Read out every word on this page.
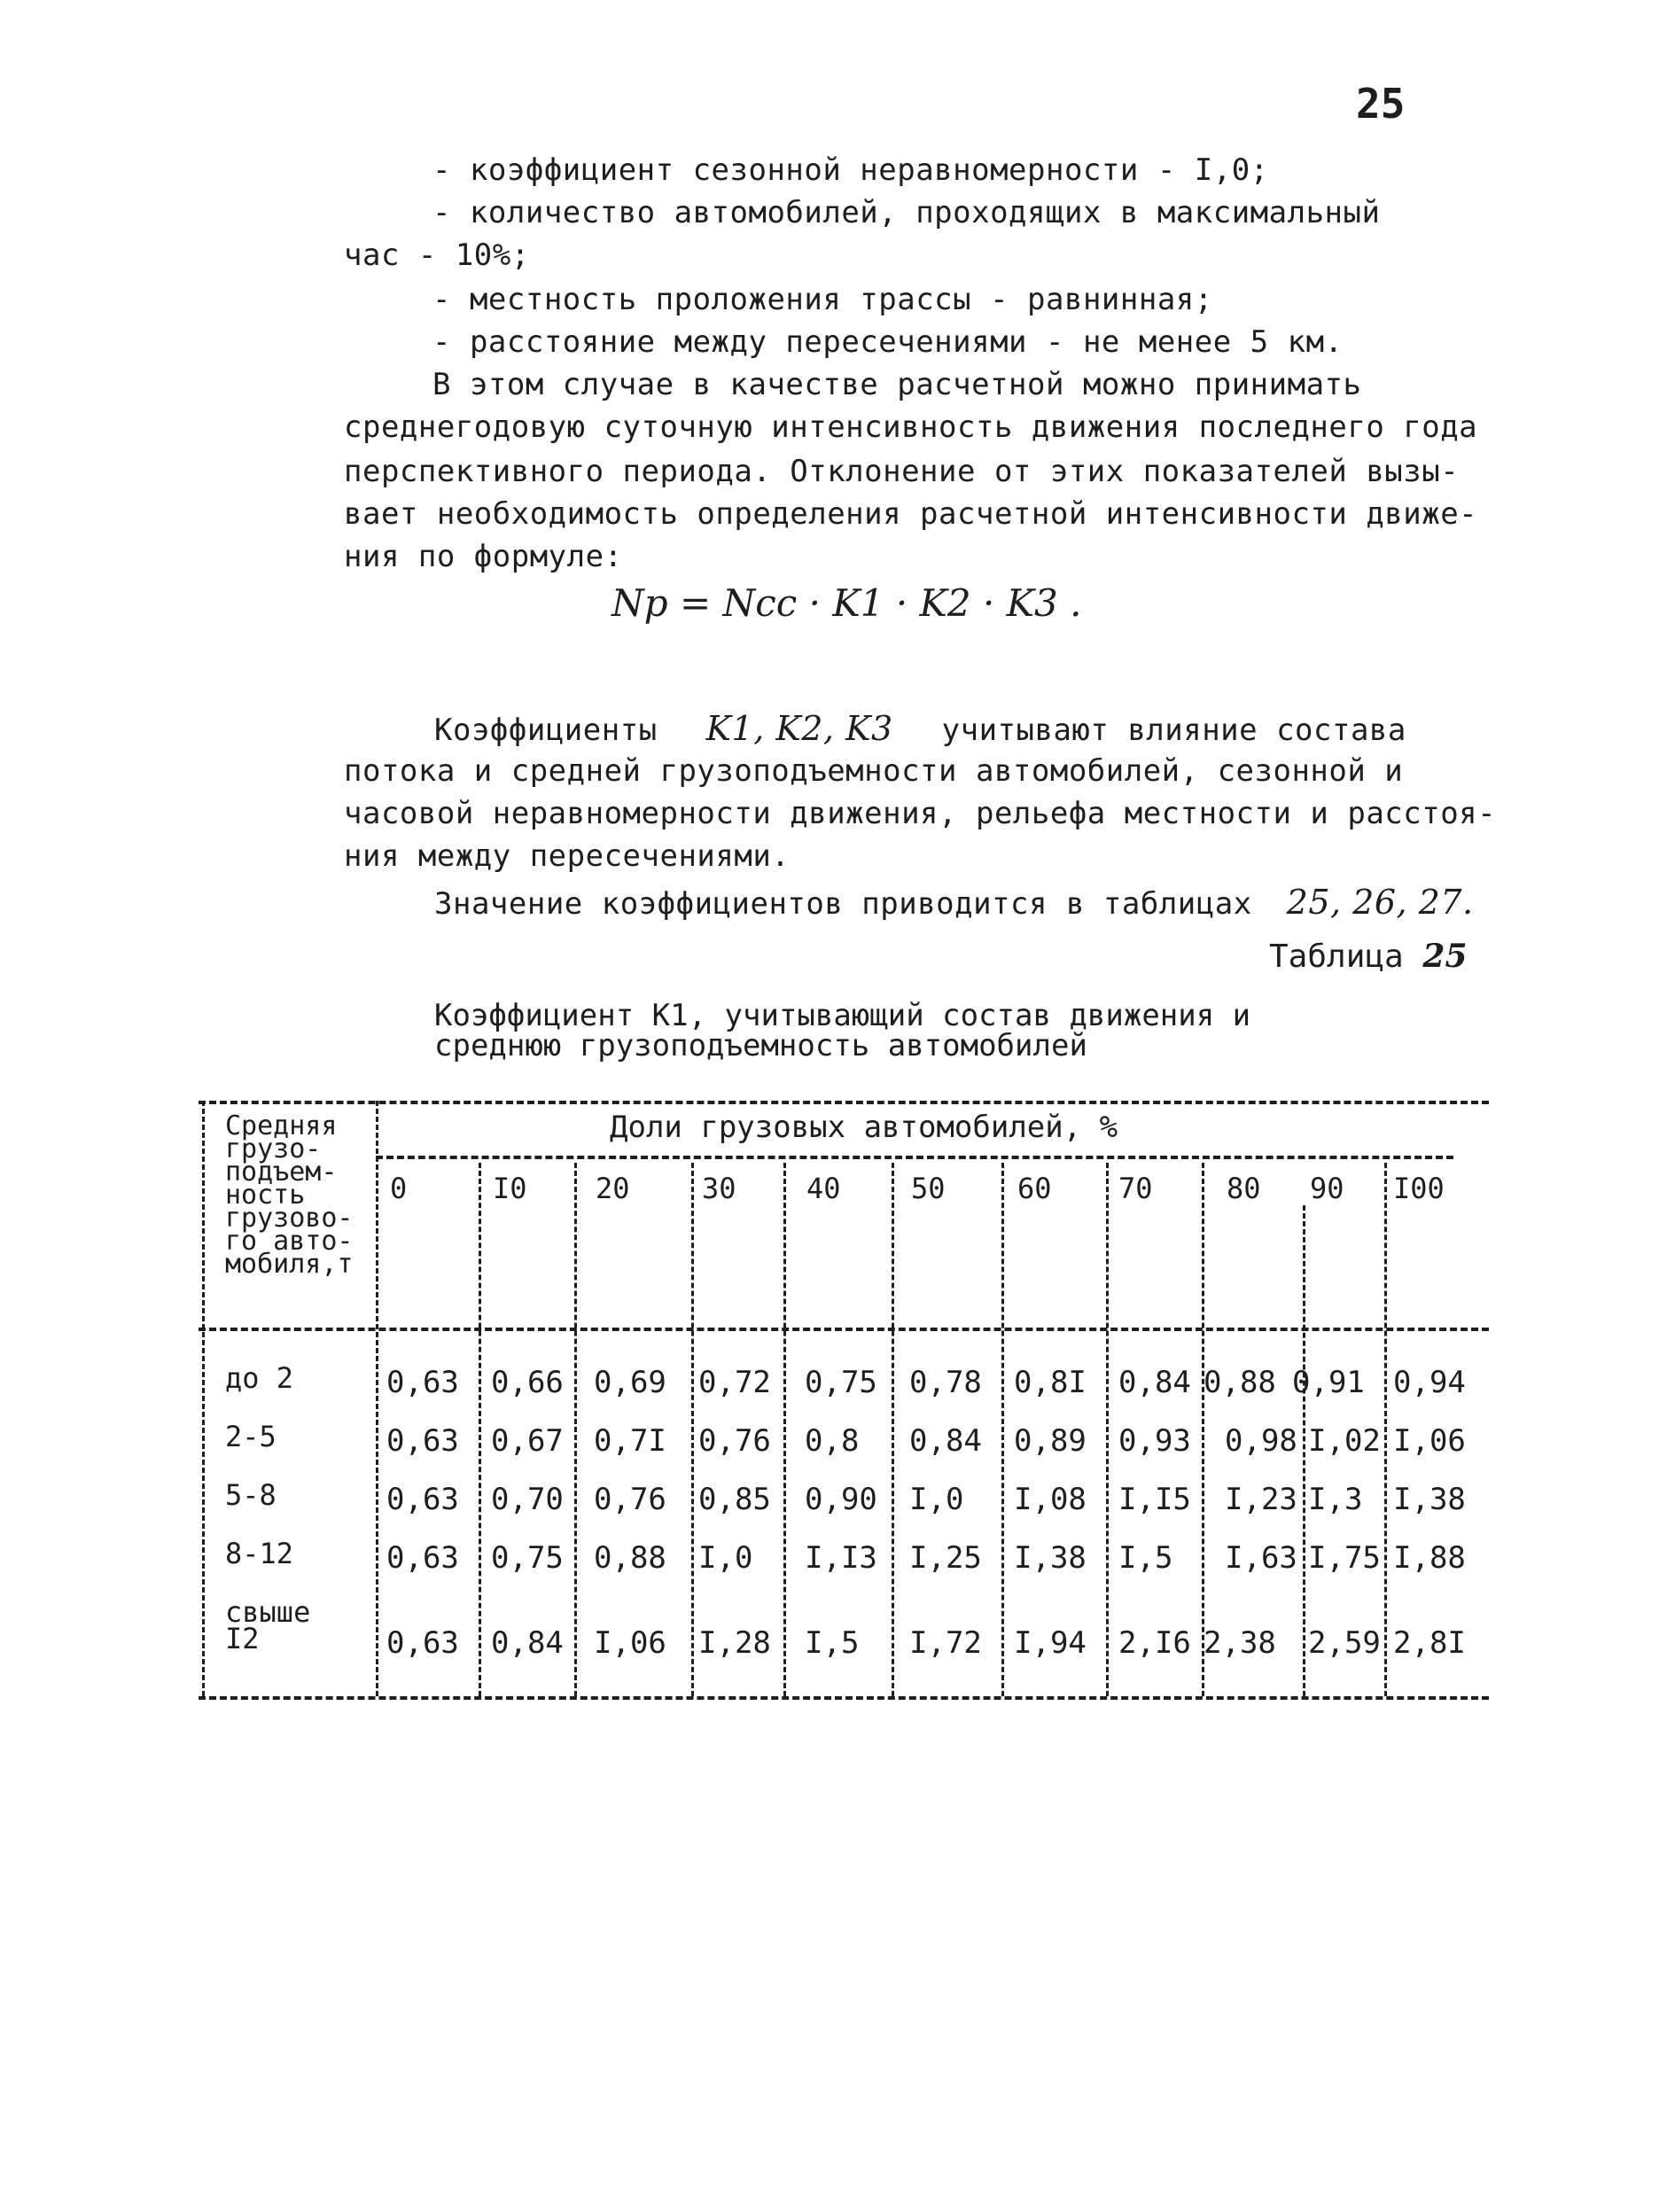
25
- коэффициент сезонной неравномерности - I,0;
- количество автомобилей, проходящих в максимальный
час - 10%;
- местность проложения трассы - равнинная;
- расстояние между пересечениями - не менее 5 км.
В этом случае в качестве расчетной можно принимать
среднегодовую суточную интенсивность движения последнего года
перспективного периода. Отклонение от этих показателей вызы-
вает необходимость определения расчетной интенсивности движе-
ния по формуле:
Np = Ncc · K1 · K2 · K3 .
Коэффициенты K1, K2, K3 учитывают влияние состава
потока и средней грузоподъемности автомобилей, сезонной и
часовой неравномерности движения, рельефа местности и расстоя-
ния между пересечениями.
Значение коэффициентов приводится в таблицах 25, 26, 27.
Таблица 25
Коэффициент K1, учитывающий состав движения и
среднюю грузоподъемность автомобилей
Средняя
грузо-
подъем-
ность
грузово-
го авто-
мобиля,т
Доли грузовых автомобилей, %
0	I0 20	30 40 50	60 70	80 90 I00
до 2	0,63 0,66 0,69 0,72 0,75 0,78 0,8I 0,84 0,88 0,91 0,94
2-5	0,63 0,67 0,7I 0,76 0,8 0,84 0,89 0,93 0,98 I,02 I,06
5-8	0,63 0,70 0,76 0,85 0,90 I,0 I,08 I,I5 I,23 I,3 I,38
8-12	0,63 0,75 0,88 I,0 I,I3 I,25 I,38 I,5 I,63 I,75 I,88
свыше
I2	0,63 0,84 I,06 I,28 I,5 I,72 I,94 2,I6 2,38 2,59 2,8I
